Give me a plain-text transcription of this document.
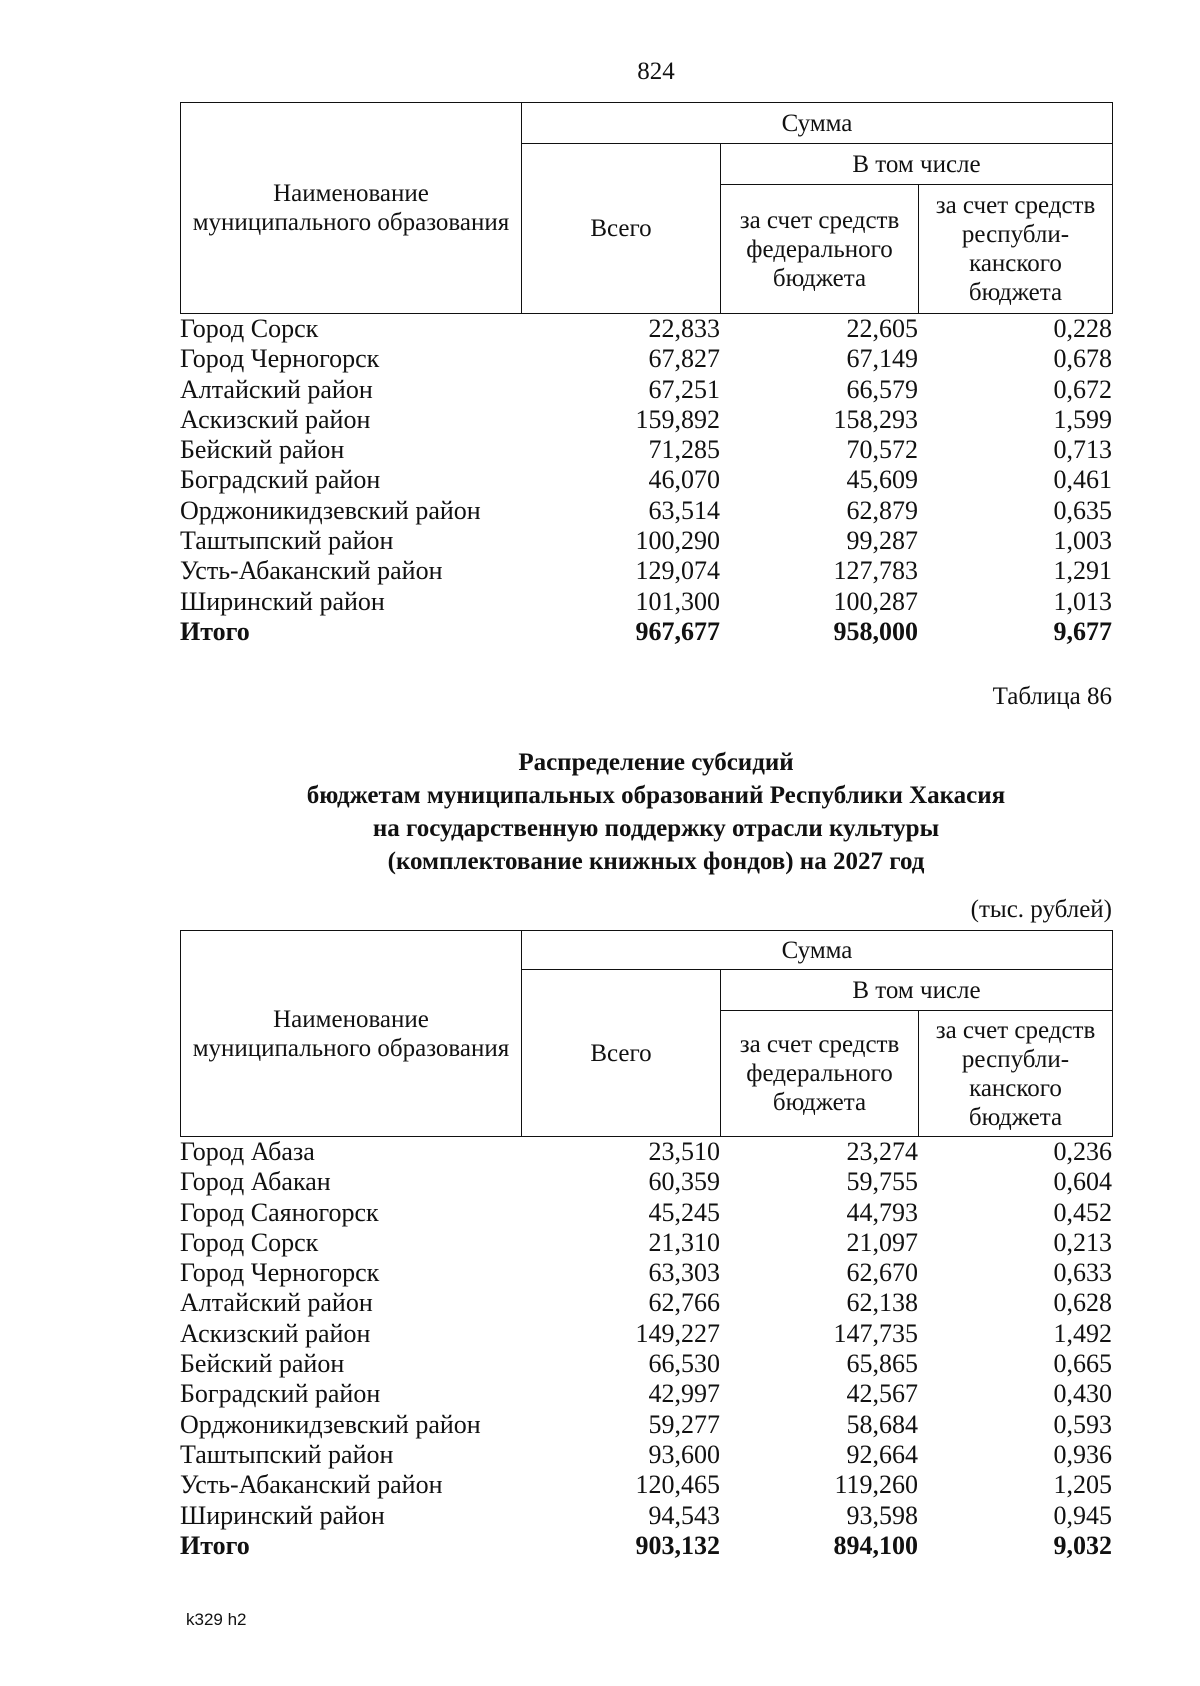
824
Наименование муниципального образования	Сумма		
	Всего	В том числе	
		за счет средств федерального бюджета	за счет средств республи-канского бюджета
Город Сорск	22,833	22,605	0,228
Город Черногорск	67,827	67,149	0,678
Алтайский район	67,251	66,579	0,672
Аскизский район	159,892	158,293	1,599
Бейский район	71,285	70,572	0,713
Боградский район	46,070	45,609	0,461
Орджоникидзевский район	63,514	62,879	0,635
Таштыпский район	100,290	99,287	1,003
Усть-Абаканский район	129,074	127,783	1,291
Ширинский район	101,300	100,287	1,013
Итого	967,677	958,000	9,677
Таблица 86
Распределение субсидий
бюджетам муниципальных образований Республики Хакасия
на государственную поддержку отрасли культуры
(комплектование книжных фондов) на 2027 год
(тыс. рублей)
Наименование муниципального образования	Сумма		
	Всего	В том числе	
		за счет средств федерального бюджета	за счет средств республи-канского бюджета
Город Абаза	23,510	23,274	0,236
Город Абакан	60,359	59,755	0,604
Город Саяногорск	45,245	44,793	0,452
Город Сорск	21,310	21,097	0,213
Город Черногорск	63,303	62,670	0,633
Алтайский район	62,766	62,138	0,628
Аскизский район	149,227	147,735	1,492
Бейский район	66,530	65,865	0,665
Боградский район	42,997	42,567	0,430
Орджоникидзевский район	59,277	58,684	0,593
Таштыпский район	93,600	92,664	0,936
Усть-Абаканский район	120,465	119,260	1,205
Ширинский район	94,543	93,598	0,945
Итого	903,132	894,100	9,032
k329 h2
